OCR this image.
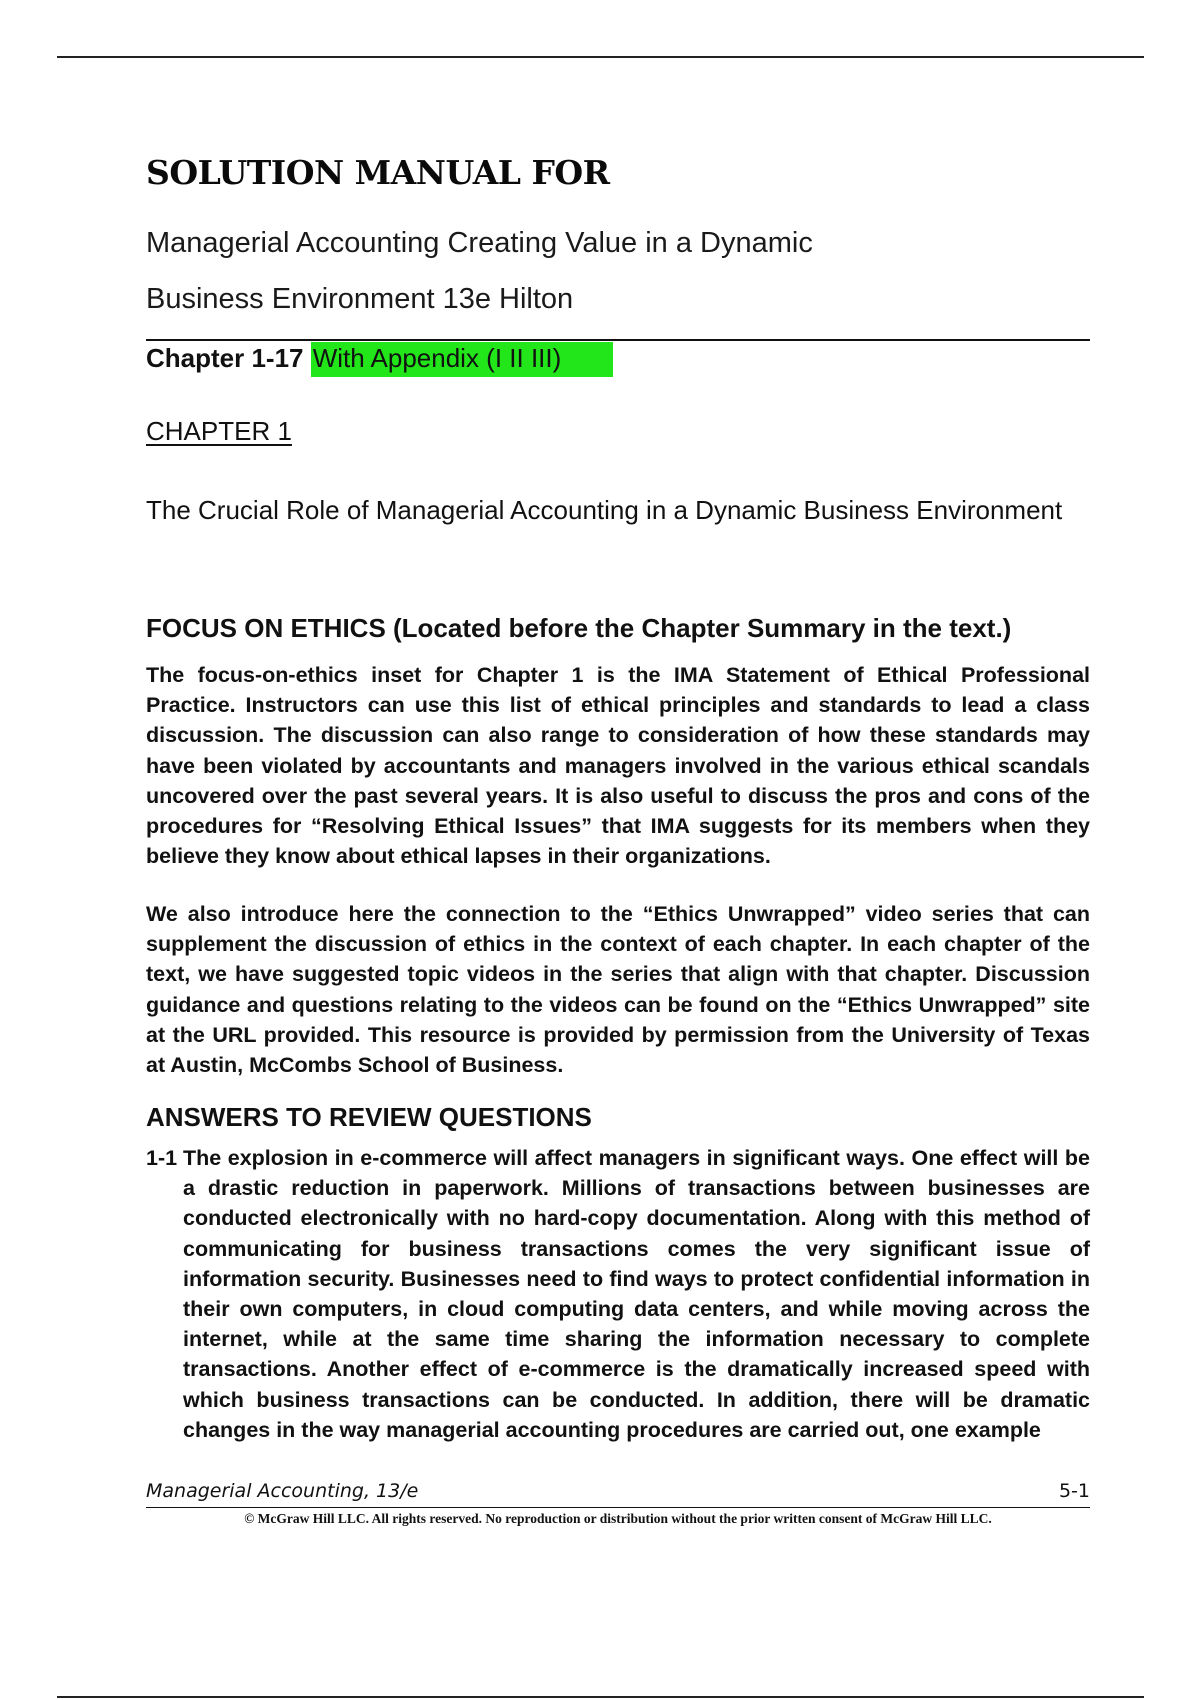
SOLUTION MANUAL FOR

Managerial Accounting Creating Value in a Dynamic

Business Environment 13e Hilton

Chapter 1-17 With Appendix (I II III)

CHAPTER 1

The Crucial Role of Managerial Accounting in a Dynamic Business Environment

FOCUS ON ETHICS (Located before the Chapter Summary in the text.)

The focus-on-ethics inset for Chapter 1 is the IMA Statement of Ethical Professional Practice. Instructors can use this list of ethical principles and standards to lead a class discussion. The discussion can also range to consideration of how these standards may have been violated by accountants and managers involved in the various ethical scandals uncovered over the past several years. It is also useful to discuss the pros and cons of the procedures for “Resolving Ethical Issues” that IMA suggests for its members when they believe they know about ethical lapses in their organizations.

We also introduce here the connection to the “Ethics Unwrapped” video series that can supplement the discussion of ethics in the context of each chapter. In each chapter of the text, we have suggested topic videos in the series that align with that chapter. Discussion guidance and questions relating to the videos can be found on the “Ethics Unwrapped” site at the URL provided. This resource is provided by permission from the University of Texas at Austin, McCombs School of Business.

ANSWERS TO REVIEW QUESTIONS
1-1 The explosion in e-commerce will affect managers in significant ways. One effect will be a drastic reduction in paperwork. Millions of transactions between businesses are conducted electronically with no hard-copy documentation. Along with this method of communicating for business transactions comes the very significant issue of information security. Businesses need to find ways to protect confidential information in their own computers, in cloud computing data centers, and while moving across the internet, while at the same time sharing the information necessary to complete transactions. Another effect of e-commerce is the dramatically increased speed with which business transactions can be conducted. In addition, there will be dramatic changes in the way managerial accounting procedures are carried out, one example

Managerial Accounting, 13/e	5-1

© McGraw Hill LLC. All rights reserved. No reproduction or distribution without the prior written consent of McGraw Hill LLC.
